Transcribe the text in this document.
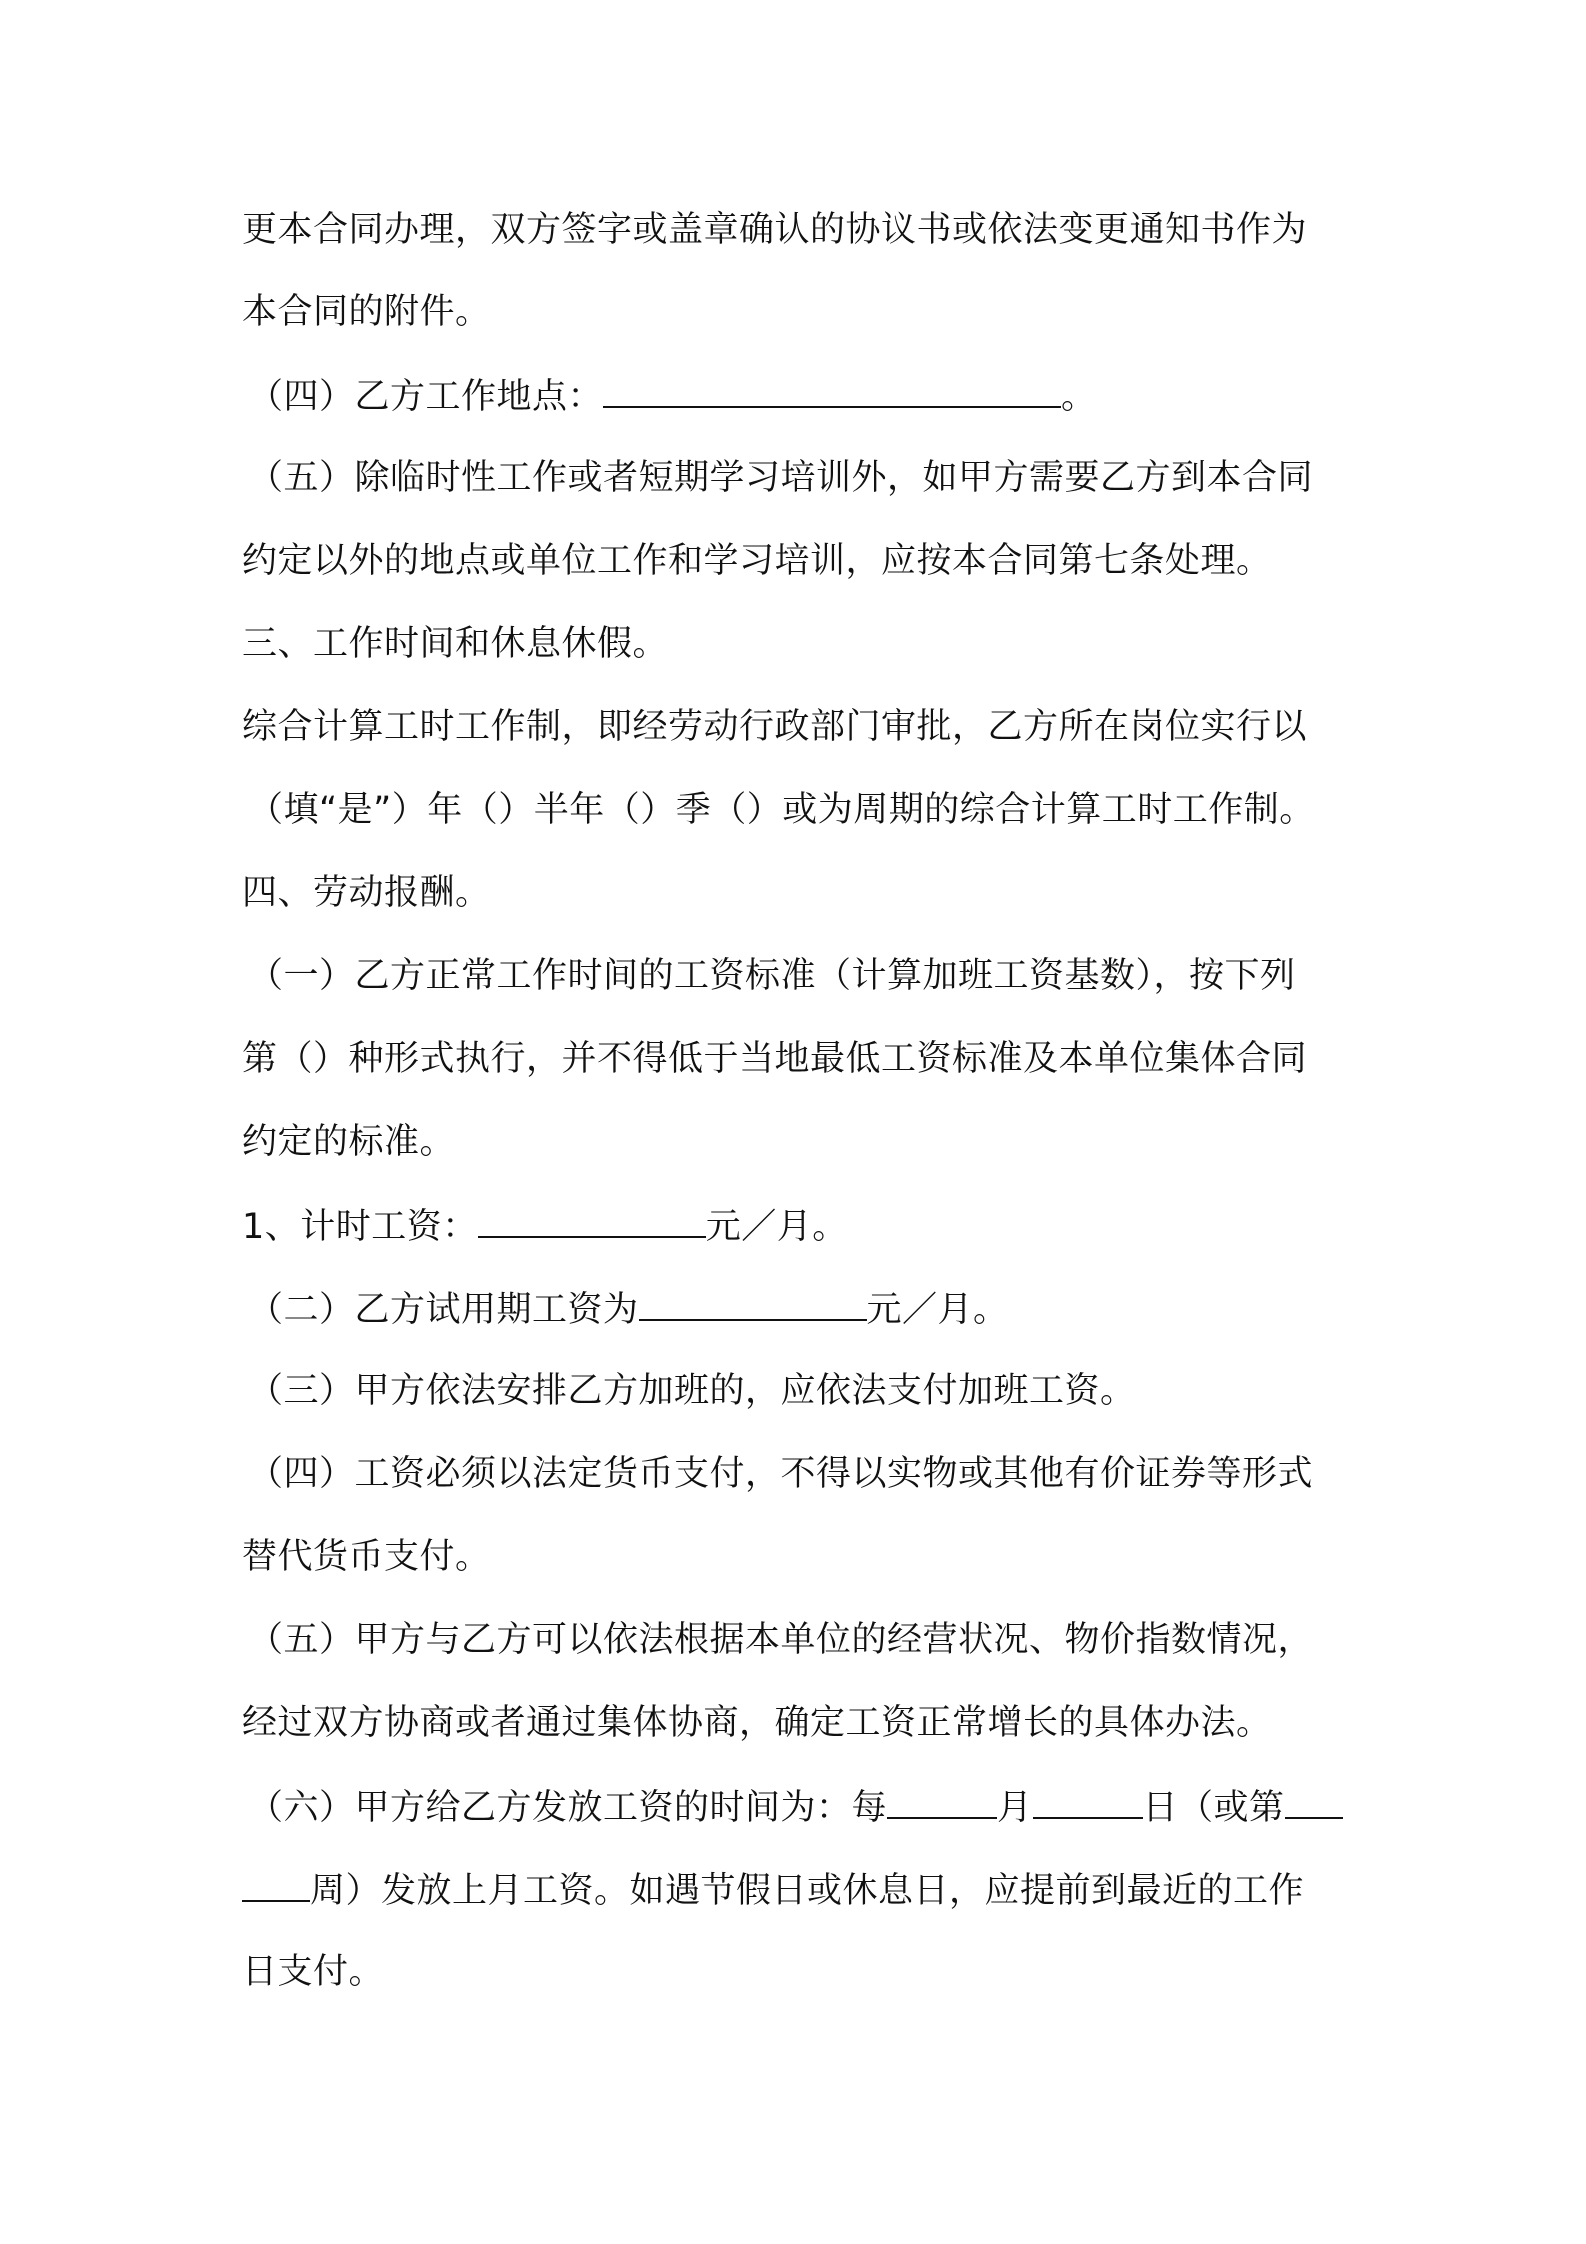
更本合同办理，双方签字或盖章确认的协议书或依法变更通知书作为
本合同的附件。
（四）乙方工作地点：	。
（五）除临时性工作或者短期学习培训外，如甲方需要乙方到本合同
约定以外的地点或单位工作和学习培训，应按本合同第七条处理。
三、工作时间和休息休假。
综合计算工时工作制，即经劳动行政部门审批，乙方所在岗位实行以
（填“是”）年（）半年（）季（）或为周期的综合计算工时工作制。
四、劳动报酬。
（一）乙方正常工作时间的工资标准（计算加班工资基数），按下列
第（）种形式执行，并不得低于当地最低工资标准及本单位集体合同
约定的标准。
1、计时工资：	元／月。
（二）乙方试用期工资为	元／月。
（三）甲方依法安排乙方加班的，应依法支付加班工资。
（四）工资必须以法定货币支付，不得以实物或其他有价证券等形式
替代货币支付。
（五）甲方与乙方可以依法根据本单位的经营状况、物价指数情况，
经过双方协商或者通过集体协商，确定工资正常增长的具体办法。
（六）甲方给乙方发放工资的时间为：每	月	日（或第
周）发放上月工资。如遇节假日或休息日，应提前到最近的工作
日支付。
